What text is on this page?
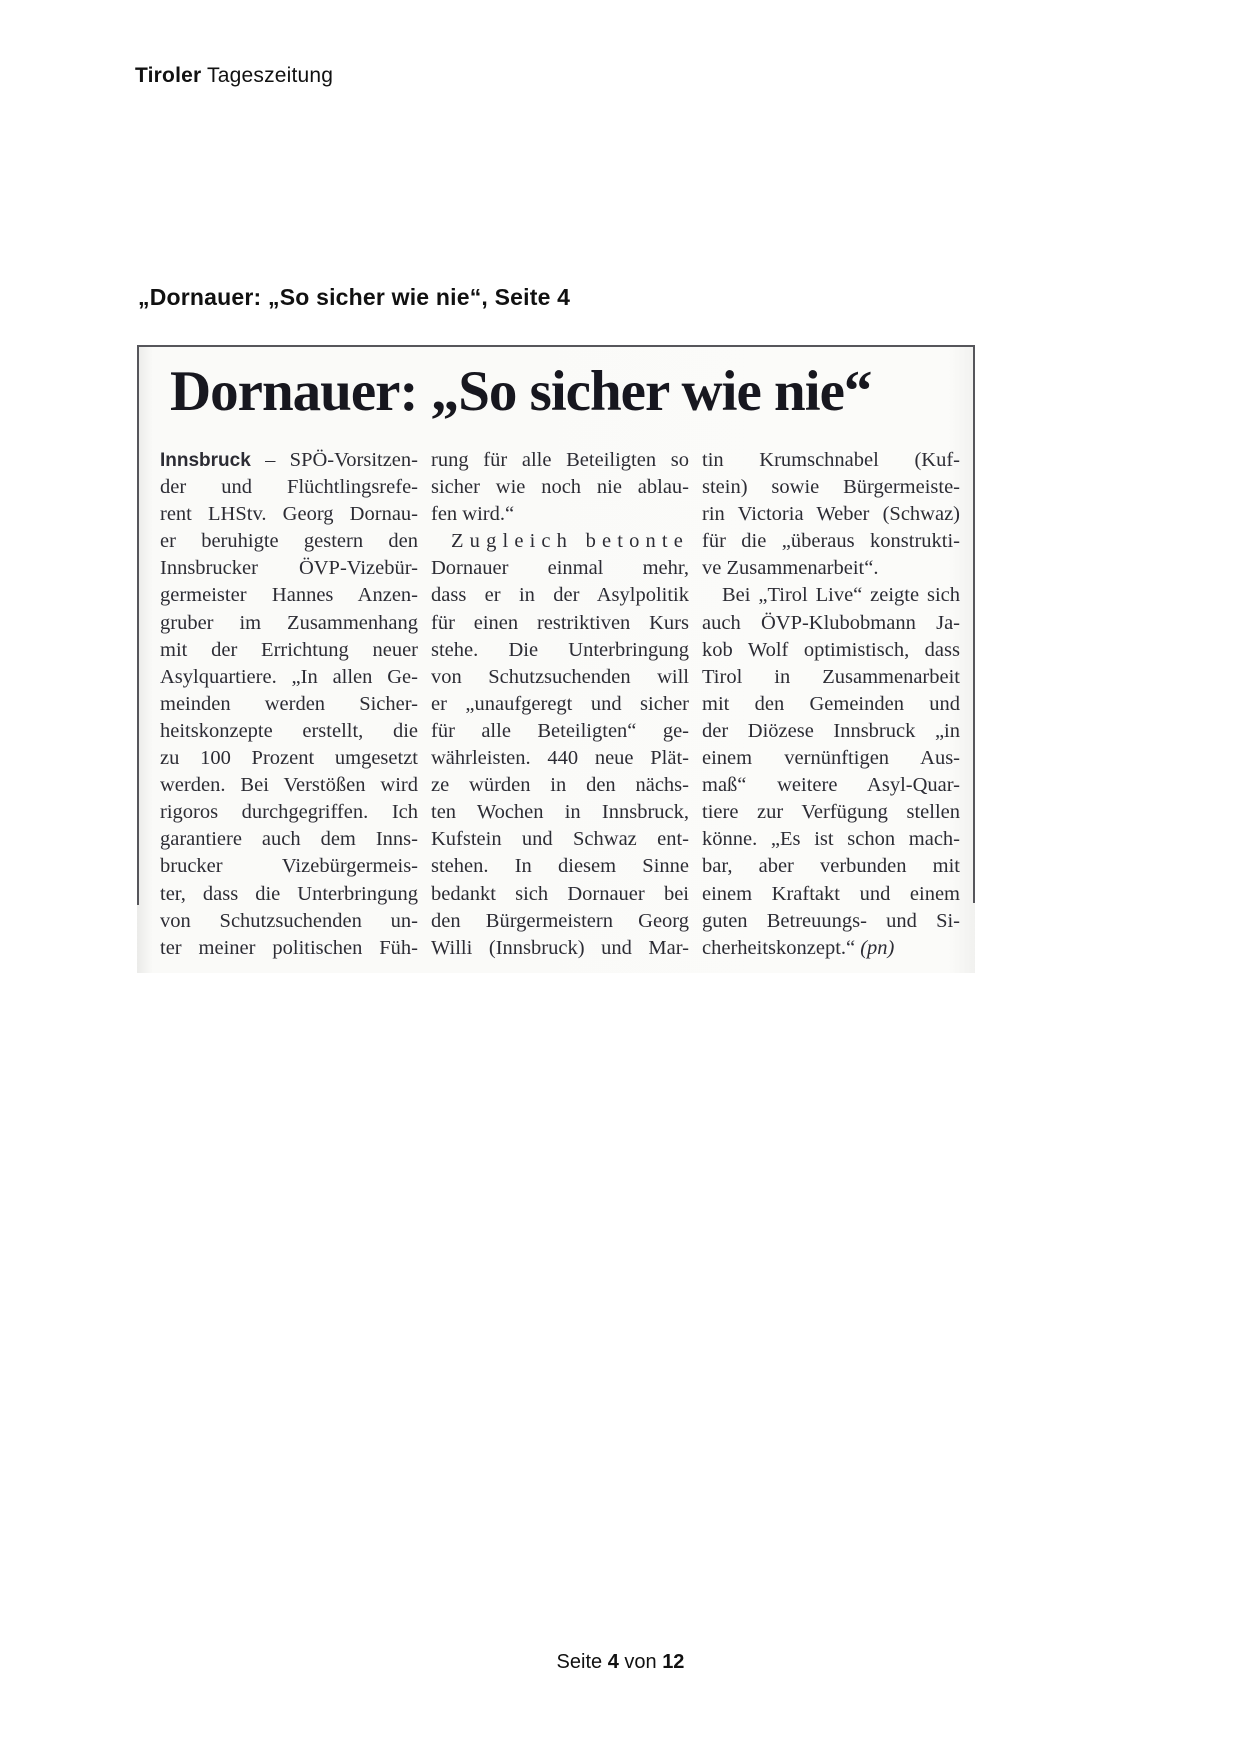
Tiroler Tageszeitung
„Dornauer: „So sicher wie nie“, Seite 4
Dornauer: „So sicher wie nie“
Innsbruck – SPÖ-Vorsitzen-
der und Flüchtlingsrefe-
rent LHStv. Georg Dornau-
er beruhigte gestern den
Innsbrucker ÖVP-Vizebür-
germeister Hannes Anzen-
gruber im Zusammenhang
mit der Errichtung neuer
Asylquartiere. „In allen Ge-
meinden werden Sicher-
heitskonzepte erstellt, die
zu 100 Prozent umgesetzt
werden. Bei Verstößen wird
rigoros durchgegriffen. Ich
garantiere auch dem Inns-
brucker Vizebürgermeis-
ter, dass die Unterbringung
von Schutzsuchenden un-
ter meiner politischen Füh-
rung für alle Beteiligten so
sicher wie noch nie ablau-
fen wird.“
Zugleich betonte
Dornauer einmal mehr,
dass er in der Asylpolitik
für einen restriktiven Kurs
stehe. Die Unterbringung
von Schutzsuchenden will
er „unaufgeregt und sicher
für alle Beteiligten“ ge-
währleisten. 440 neue Plät-
ze würden in den nächs-
ten Wochen in Innsbruck,
Kufstein und Schwaz ent-
stehen. In diesem Sinne
bedankt sich Dornauer bei
den Bürgermeistern Georg
Willi (Innsbruck) und Mar-
tin Krumschnabel (Kuf-
stein) sowie Bürgermeiste-
rin Victoria Weber (Schwaz)
für die „überaus konstrukti-
ve Zusammenarbeit“.
Bei „Tirol Live“ zeigte sich
auch ÖVP-Klubobmann Ja-
kob Wolf optimistisch, dass
Tirol in Zusammenarbeit
mit den Gemeinden und
der Diözese Innsbruck „in
einem vernünftigen Aus-
maß“ weitere Asyl-Quar-
tiere zur Verfügung stellen
könne. „Es ist schon mach-
bar, aber verbunden mit
einem Kraftakt und einem
guten Betreuungs- und Si-
cherheitskonzept.“ (pn)
Seite 4 von 12
